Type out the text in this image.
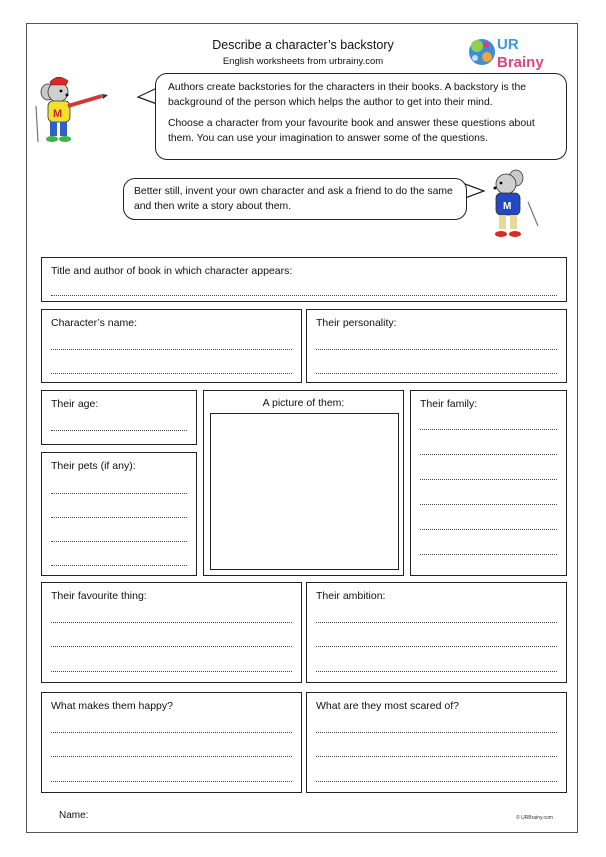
Describe a character’s backstory
English worksheets from urbrainy.com
UR
Brainy
M

Authors create backstories for the characters in their books. A backstory is the background of the person which helps the author to get into their mind.

Choose a character from your favourite book and answer these questions about them. You can use your imagination to answer some of the questions.

Better still, invent your own character and ask a friend to do the same and then write a story about them.	M
Title and author of book in which character appears:
Character’s name:	Their personality:
Their age:	A picture of them:	Their family:
Their pets (if any):
Their favourite thing:	Their ambition:
What makes them happy?	What are they most scared of?
Name:	© URBrainy.com
